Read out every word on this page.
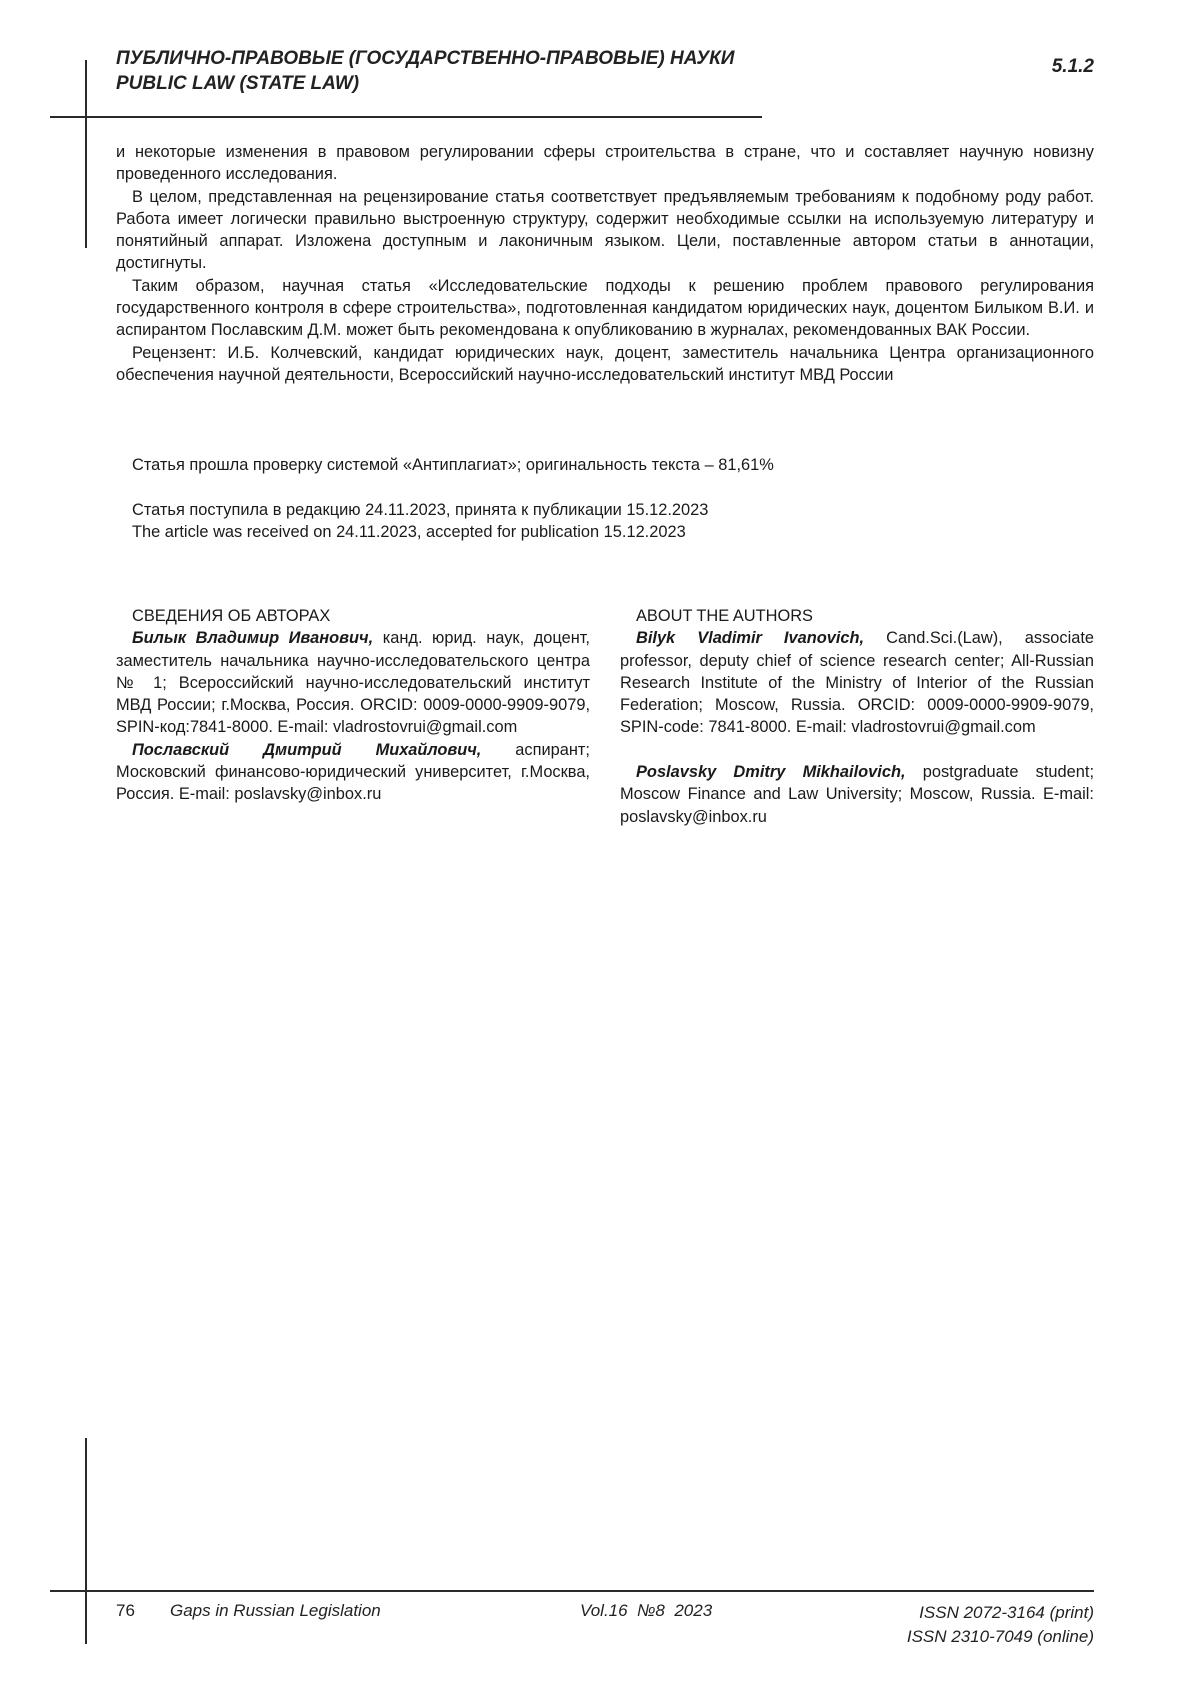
ПУБЛИЧНО-ПРАВОВЫЕ (ГОСУДАРСТВЕННО-ПРАВОВЫЕ) НАУКИ
PUBLIC LAW (STATE LAW)
5.1.2

и некоторые изменения в правовом регулировании сферы строительства в стране, что и составляет научную новизну проведенного исследования.

В целом, представленная на рецензирование статья соответствует предъявляемым требованиям к подобному роду работ. Работа имеет логически правильно выстроенную структуру, содержит необходимые ссылки на используемую литературу и понятийный аппарат. Изложена доступным и лаконичным языком. Цели, поставленные автором статьи в аннотации, достигнуты.

Таким образом, научная статья «Исследовательские подходы к решению проблем правового регулирования государственного контроля в сфере строительства», подготовленная кандидатом юридических наук, доцентом Билыком В.И. и аспирантом Пославским Д.М. может быть рекомендована к опубликованию в журналах, рекомендованных ВАК России.

Рецензент: И.Б. Колчевский, кандидат юридических наук, доцент, заместитель начальника Центра организационного обеспечения научной деятельности, Всероссийский научно-исследовательский институт МВД России

Статья прошла проверку системой «Антиплагиат»; оригинальность текста – 81,61%
Статья поступила в редакцию 24.11.2023, принята к публикации 15.12.2023
The article was received on 24.11.2023, accepted for publication 15.12.2023
СВЕДЕНИЯ ОБ АВТОРАХ

Билык Владимир Иванович, канд. юрид. наук, доцент, заместитель начальника научно-исследовательского центра № 1; Всероссийский научно-исследовательский институт МВД России; г.Москва, Россия. ORCID: 0009-0000-9909-9079, SPIN-код:7841-8000. E-mail: vladrostovrui@gmail.com

Пославский Дмитрий Михайлович, аспирант; Московский финансово-юридический университет, г.Москва, Россия. E-mail: poslavsky@inbox.ru

ABOUT THE AUTHORS

Bilyk Vladimir Ivanovich, Cand.Sci.(Law), associate professor, deputy chief of science research center; All-Russian Research Institute of the Ministry of Interior of the Russian Federation; Moscow, Russia. ORCID: 0009-0000-9909-9079, SPIN-code: 7841-8000. E-mail: vladrostovrui@gmail.com

Poslavsky Dmitry Mikhailovich, postgraduate student; Moscow Finance and Law University; Moscow, Russia. E-mail: poslavsky@inbox.ru

76 Gaps in Russian Legislation	Vol.16  №8  2023	ISSN 2072-3164 (print)
ISSN 2310-7049 (online)
